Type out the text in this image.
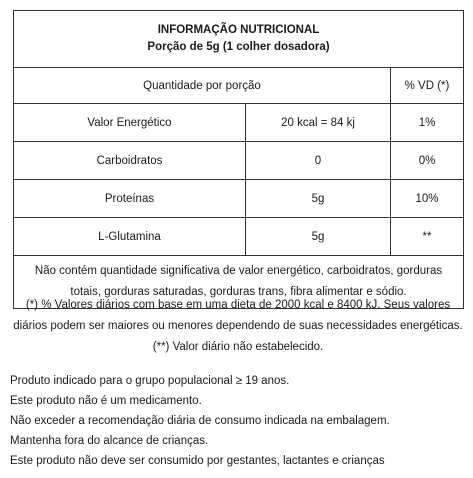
INFORMAÇÃO NUTRICIONAL
Porção de 5g (1 colher dosadora)		

Quantidade por porção		% VD (*)
Valor Energético	20 kcal = 84 kj	1%
Carboidratos	0	0%
Proteínas	5g	10%
L-Glutamina	5g	**
Não contém quantidade significativa de valor energético, carboidratos, gorduras totais, gorduras saturadas, gorduras trans, fibra alimentar e sódio.		
(*) % Valores diários com base em uma dieta de 2000 kcal e 8400 kJ. Seus valores diários podem ser maiores ou menores dependendo de suas necessidades energéticas. (**) Valor diário não estabelecido.
Produto indicado para o grupo populacional ≥ 19 anos.
Este produto não é um medicamento.
Não exceder a recomendação diária de consumo indicada na embalagem.
Mantenha fora do alcance de crianças.
Este produto não deve ser consumido por gestantes, lactantes e crianças
